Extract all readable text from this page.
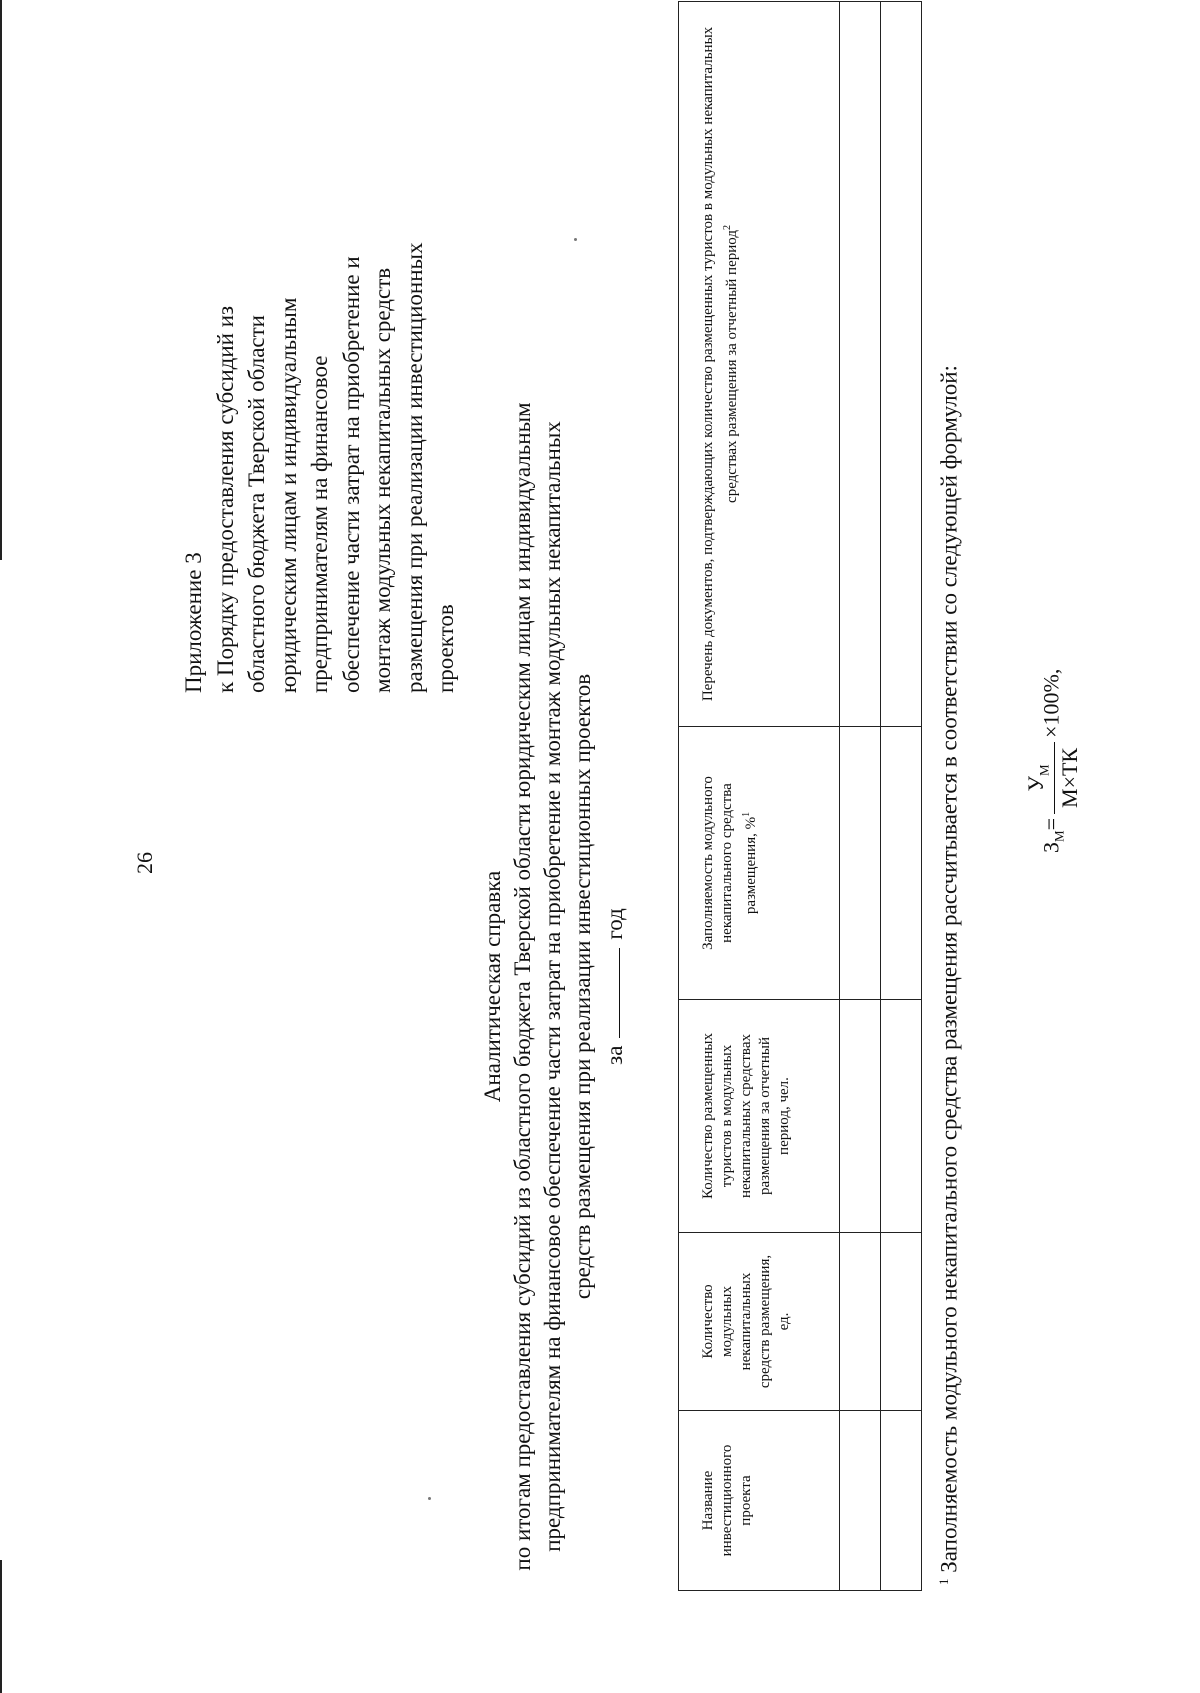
26
Приложение 3 к Порядку предоставления субсидий из областного бюджета Тверской области юридическим лицам и индивидуальным предпринимателям на финансовое обеспечение части затрат на приобретение и монтаж модульных некапитальных средств размещения при реализации инвестиционных проектов
Аналитическая справка по итогам предоставления субсидий из областного бюджета Тверской области юридическим лицам и индивидуальным предпринимателям на финансовое обеспечение части затрат на приобретение и монтаж модульных некапитальных средств размещения при реализации инвестиционных проектов загод
Название инвестиционного проекта	Количество модульных некапитальных средств размещения, ед.	Количество размещенных туристов в модульных некапитальных средствах размещения за отчетный период, чел.	Заполняемость модульного некапитального средства размещения, %$^1$	Перечень документов, подтверждающих количество размещенных туристов в модульных некапитальных средствах размещения за отчетный период$^2$

$^1$ Заполняемость модульного некапитального средства размещения рассчитывается в соответствии со следующей формулой:	$З_М=$
$У_М$ М×ТК
×100%,
